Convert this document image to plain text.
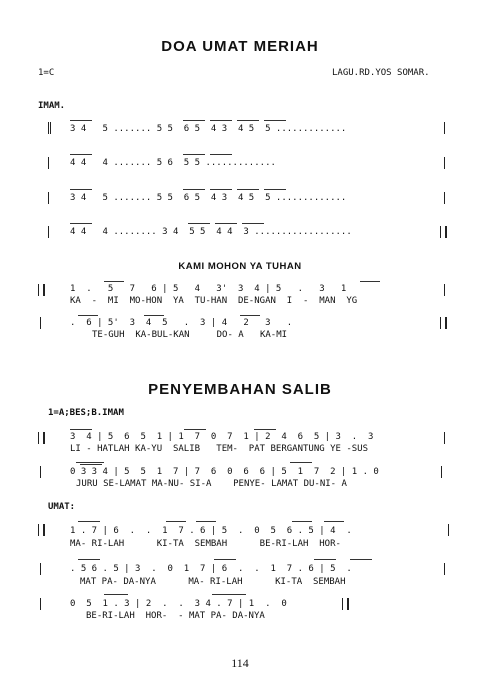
DOA UMAT MERIAH
1=C	LAGU.RD.YOS SOMAR.
IMAM.
3 4   5 ....... 5 5  6 5  4 3  4 5  5 .............
4 4   4 ....... 5 6  5 5 .............
3 4   5 ....... 5 5  6 5  4 3  4 5  5 .............
4 4   4 ........ 3 4  5 5  4 4  3 ..................
KAMI MOHON YA TUHAN
1  .   5   7   6 | 5   4   3'  3  4 | 5   .   3   1
KA  -  MI  MO-HON  YA  TU-HAN  DE-NGAN  I  -  MAN  YG
.  6 | 5'  3  4  5   .  3 | 4   2   3   .
TE-GUH  KA-BUL-KAN     DO- A   KA-MI
PENYEMBAHAN SALIB
1=A;BES;B.IMAM
3  4 | 5  6  5  1 | 1  7  0  7  1 | 2  4  6  5 | 3  .  3
LI - HATLAH KA-YU  SALIB   TEM-  PAT BERGANTUNG YE -SUS
0 3 3 4 | 5  5  1  7 | 7  6  0  6  6 | 5  1  7  2 | 1 . 0
JURU SE-LAMAT MA-NU- SI-A    PENYE- LAMAT DU-NI- A
UMAT:
1 . 7 | 6  .  .  1  7 . 6 | 5  .  0  5  6 . 5 | 4  .
MA- RI-LAH      KI-TA  SEMBAH      BE-RI-LAH  HOR-
. 5 6 . 5 | 3  .  0  1  7 | 6  .  .  1  7 . 6 | 5  .
MAT PA- DA-NYA      MA- RI-LAH      KI-TA  SEMBAH
0  5  1 . 3 | 2  .  .  3 4 . 7 | 1  .  0
BE-RI-LAH  HOR-  - MAT PA- DA-NYA
114
